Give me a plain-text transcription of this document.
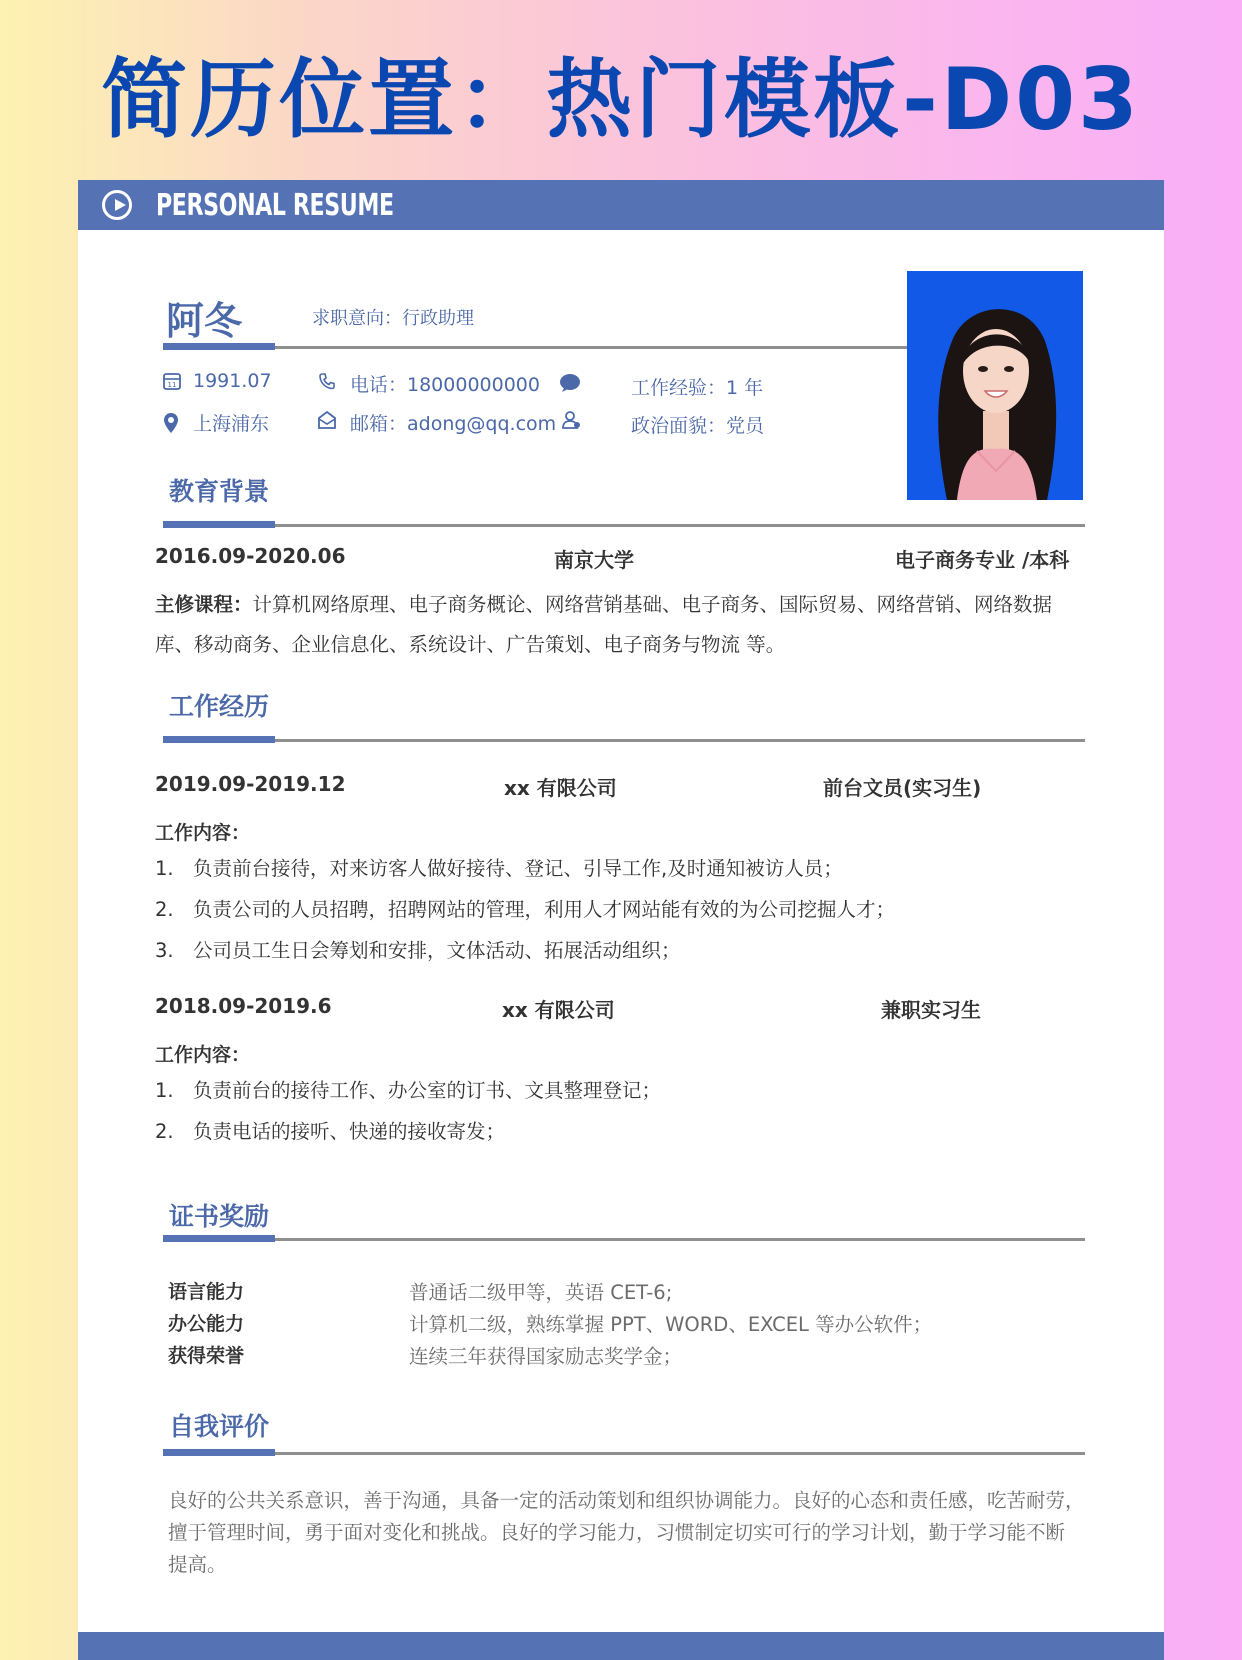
简历位置：热门模板-D03
PERSONAL RESUME
阿冬	求职意向：行政助理
11 1991.07	电话：18000000000	工作经验：1 年
上海浦东	邮箱：adong@qq.com	政治面貌：党员
教育背景
2016.09-2020.06	南京大学	电子商务专业 /本科
主修课程：计算机网络原理、电子商务概论、网络营销基础、电子商务、国际贸易、网络营销、网络数据
库、移动商务、企业信息化、系统设计、广告策划、电子商务与物流 等。
工作经历
2019.09-2019.12	xx 有限公司	前台文员(实习生)
工作内容：
1. 负责前台接待，对来访客人做好接待、登记、引导工作,及时通知被访人员；
2. 负责公司的人员招聘，招聘网站的管理，利用人才网站能有效的为公司挖掘人才；
3. 公司员工生日会筹划和安排，文体活动、拓展活动组织；
2018.09-2019.6	xx 有限公司	兼职实习生
工作内容：
1. 负责前台的接待工作、办公室的订书、文具整理登记；
2. 负责电话的接听、快递的接收寄发；
证书奖励
语言能力	普通话二级甲等，英语 CET-6;
办公能力	计算机二级，熟练掌握 PPT、WORD、EXCEL 等办公软件；
获得荣誉	连续三年获得国家励志奖学金；
自我评价
良好的公共关系意识，善于沟通，具备一定的活动策划和组织协调能力。良好的心态和责任感，吃苦耐劳，
擅于管理时间，勇于面对变化和挑战。良好的学习能力，习惯制定切实可行的学习计划，勤于学习能不断
提高。
